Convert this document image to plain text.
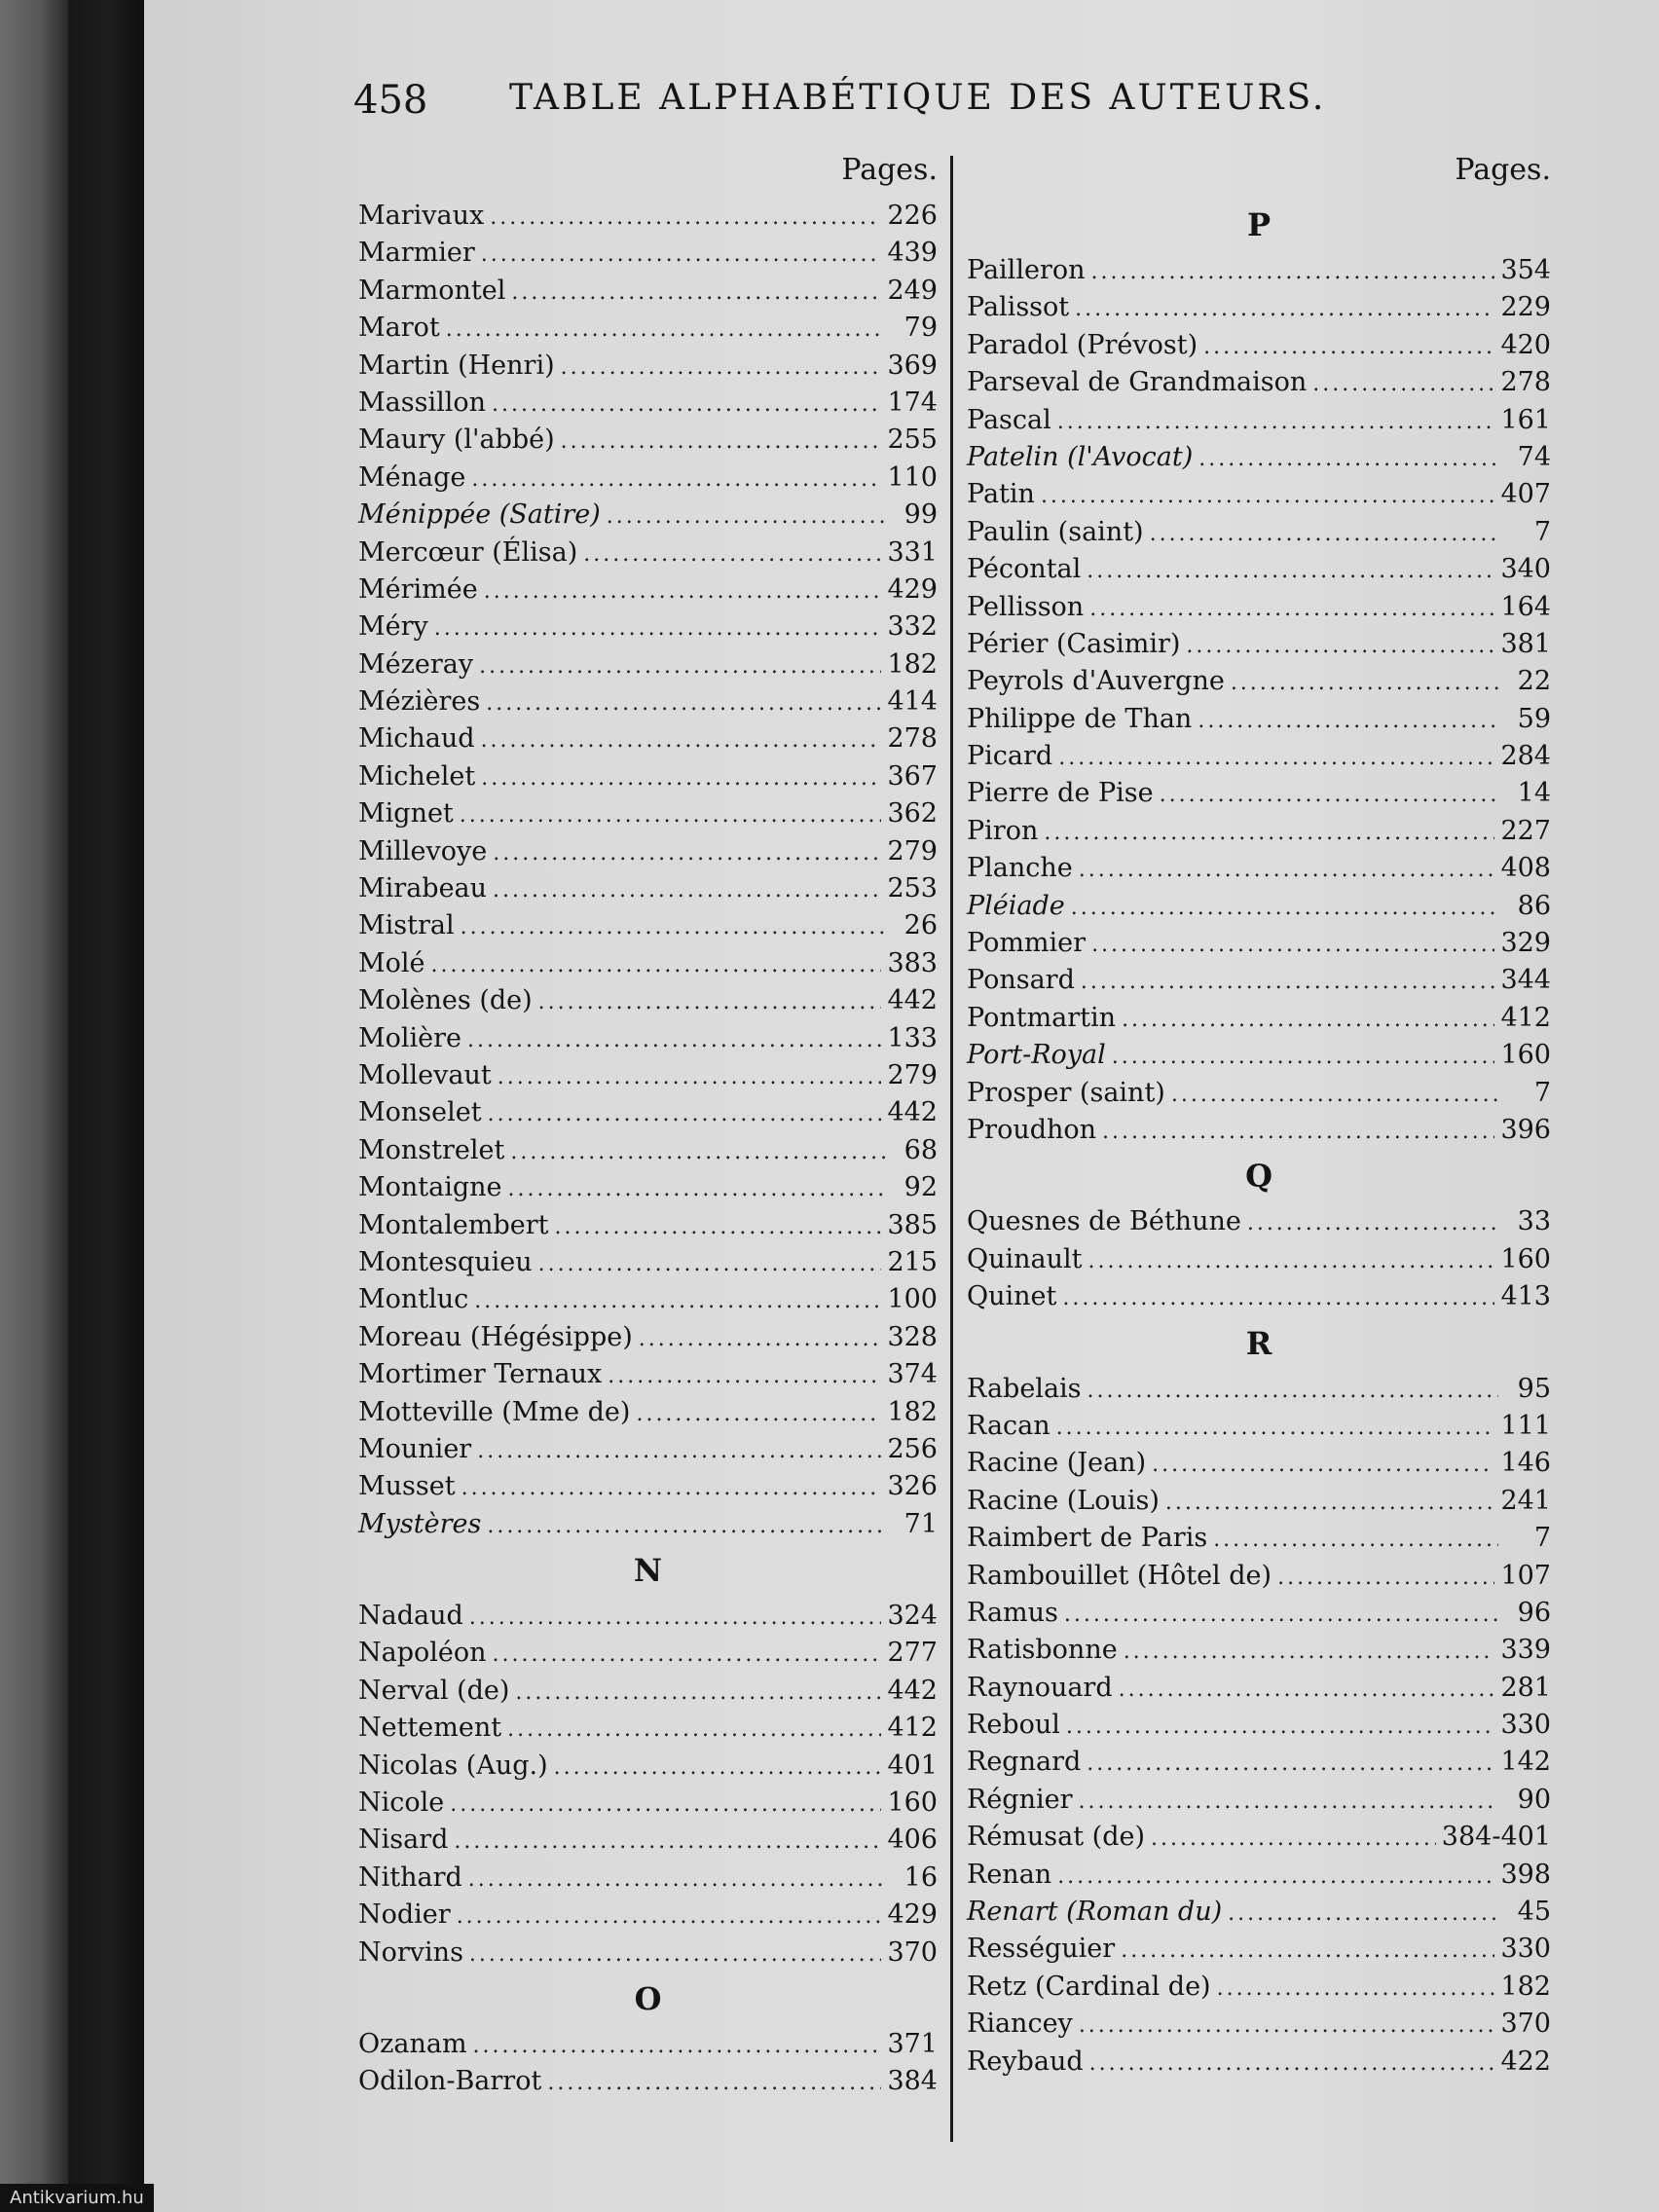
458 TABLE ALPHABÉTIQUE DES AUTEURS.
Pages.
Marivaux .....	226
Marmier .....	439
Marmontel .....	249
Marot .....	79
Martin (Henri) .....	369
Massillon .....	174
Maury (l'abbé) .....	255
Ménage .....	110
Ménippée (Satire) .....	99
Mercœur (Élisa) .....	331
Mérimée .....	429
Méry .....	332
Mézeray .....	182
Mézières .....	414
Michaud .....	278
Michelet .....	367
Mignet .....	362
Millevoye .....	279
Mirabeau .....	253
Mistral .....	26
Molé .....	383
Molènes (de) .....	442
Molière .....	133
Mollevaut .....	279
Monselet .....	442
Monstrelet .....	68
Montaigne .....	92
Montalembert .....	385
Montesquieu .....	215
Montluc .....	100
Moreau (Hégésippe) .....	328
Mortimer Ternaux .....	374
Motteville (Mme de) .....	182
Mounier .....	256
Musset .....	326
Mystères .....	71
N
Nadaud .....	324
Napoléon .....	277
Nerval (de) .....	442
Nettement .....	412
Nicolas (Aug.) .....	401
Nicole .....	160
Nisard .....	406
Nithard .....	16
Nodier .....	429
Norvins .....	370
O
Ozanam .....	371
Odilon-Barrot .....	384
Pages.
P
Pailleron .....	354
Palissot .....	229
Paradol (Prévost) .....	420
Parseval de Grandmaison .....	278
Pascal .....	161
Patelin (l'Avocat) .....	74
Patin .....	407
Paulin (saint) .....	7
Pécontal .....	340
Pellisson .....	164
Périer (Casimir) .....	381
Peyrols d'Auvergne .....	22
Philippe de Than .....	59
Picard .....	284
Pierre de Pise .....	14
Piron .....	227
Planche .....	408
Pléiade .....	86
Pommier .....	329
Ponsard .....	344
Pontmartin .....	412
Port-Royal .....	160
Prosper (saint) .....	7
Proudhon .....	396
Q
Quesnes de Béthune .....	33
Quinault .....	160
Quinet .....	413
R
Rabelais .....	95
Racan .....	111
Racine (Jean) .....	146
Racine (Louis) .....	241
Raimbert de Paris .....	7
Rambouillet (Hôtel de) .....	107
Ramus .....	96
Ratisbonne .....	339
Raynouard .....	281
Reboul .....	330
Regnard .....	142
Régnier .....	90
Rémusat (de) .....	384-401
Renan .....	398
Renart (Roman du) .....	45
Rességuier .....	330
Retz (Cardinal de) .....	182
Riancey .....	370
Reybaud .....	422
Antikvarium.hu
